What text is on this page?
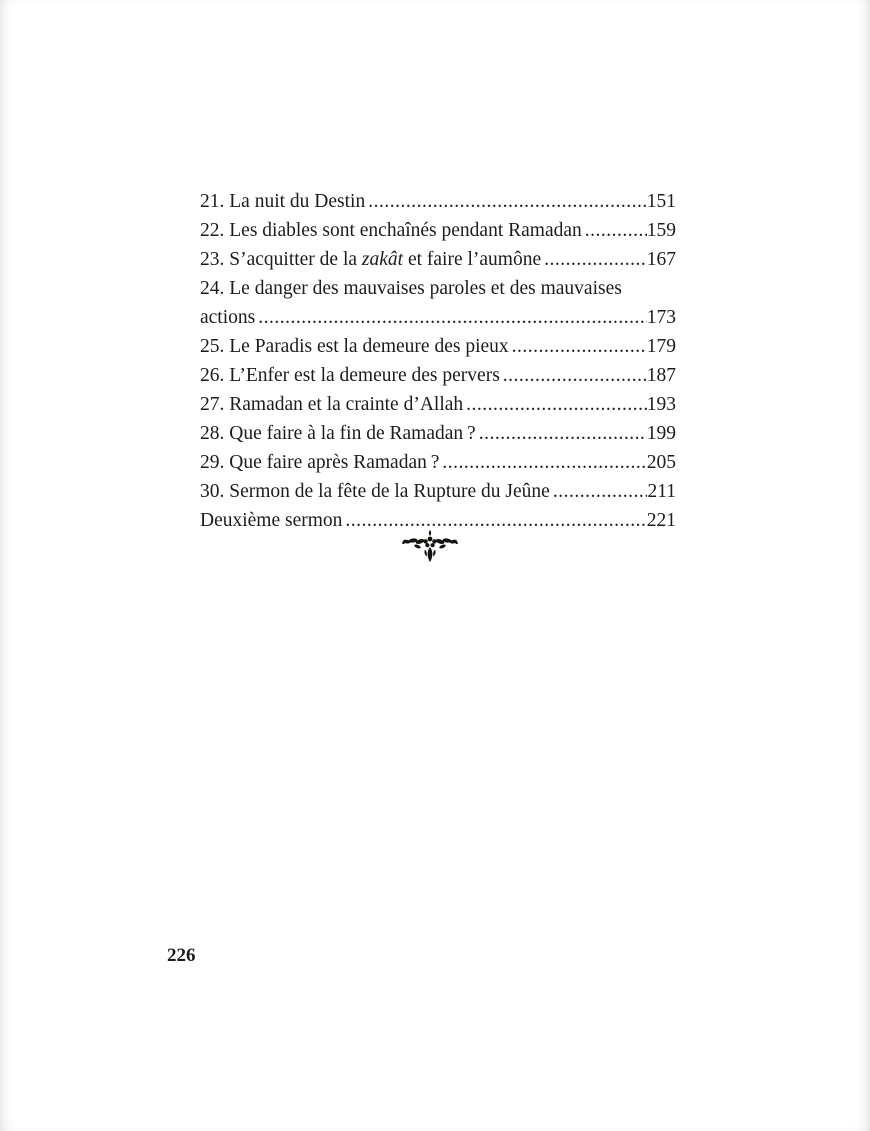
21. La nuit du Destin .....	151
22. Les diables sont enchaînés pendant Ramadan .....	159
23. S’acquitter de la zakât et faire l’aumône .....	167
24. Le danger des mauvaises paroles et des mauvaises
actions .....	173
25. Le Paradis est la demeure des pieux .....	179
26. L’Enfer est la demeure des pervers .....	187
27. Ramadan et la crainte d’Allah .....	193
28. Que faire à la fin de Ramadan ? .....	199
29. Que faire après Ramadan ? .....	205
30. Sermon de la fête de la Rupture du Jeûne .....	211
Deuxième sermon .....	221
226
